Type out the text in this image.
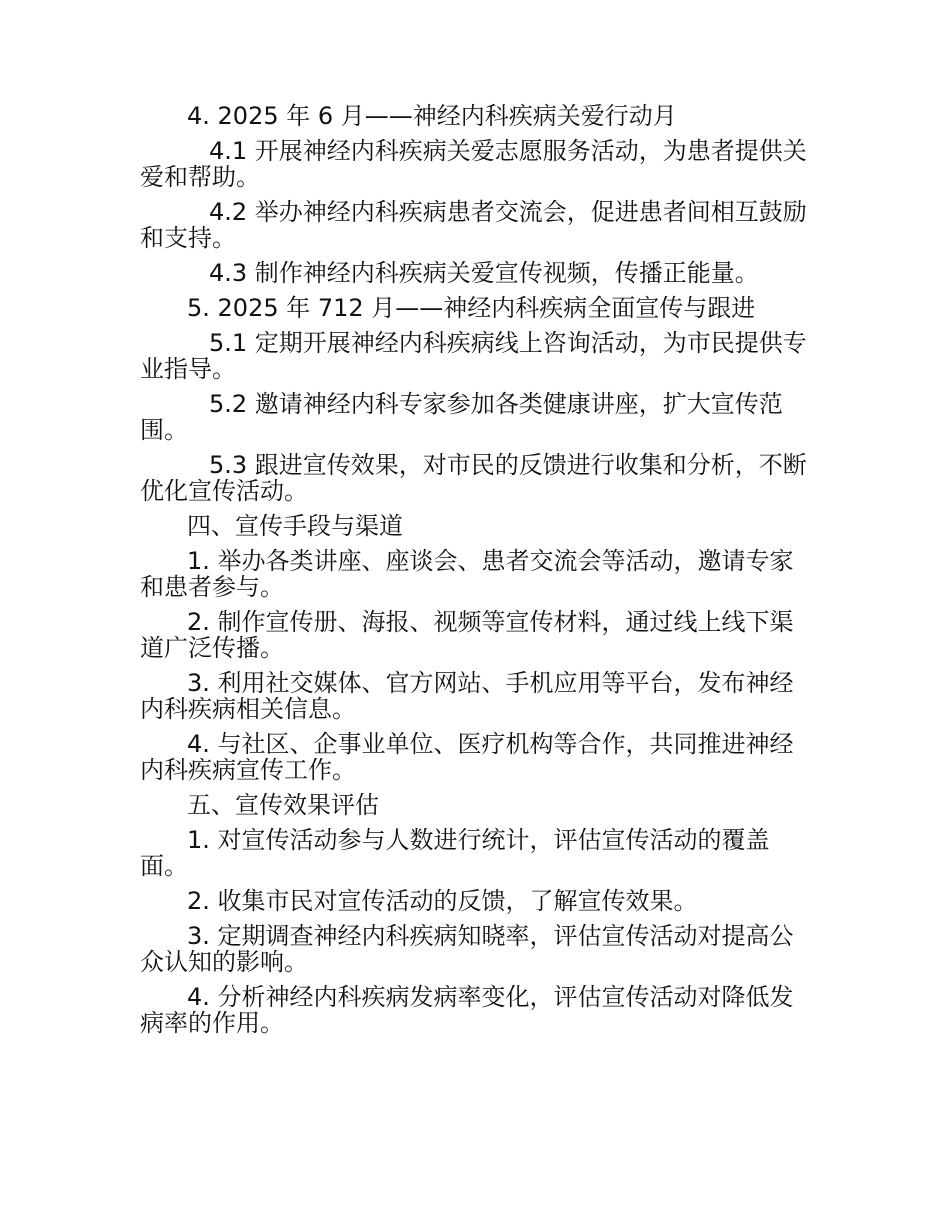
4. 2025 年 6 月——神经内科疾病关爱行动月

4.1 开展神经内科疾病关爱志愿服务活动，为患者提供关爱和帮助。

4.2 举办神经内科疾病患者交流会，促进患者间相互鼓励和支持。

4.3 制作神经内科疾病关爱宣传视频，传播正能量。

5. 2025 年 712 月——神经内科疾病全面宣传与跟进

5.1 定期开展神经内科疾病线上咨询活动，为市民提供专业指导。

5.2 邀请神经内科专家参加各类健康讲座，扩大宣传范围。

5.3 跟进宣传效果，对市民的反馈进行收集和分析，不断优化宣传活动。

四、宣传手段与渠道

1. 举办各类讲座、座谈会、患者交流会等活动，邀请专家和患者参与。

2. 制作宣传册、海报、视频等宣传材料，通过线上线下渠道广泛传播。

3. 利用社交媒体、官方网站、手机应用等平台，发布神经内科疾病相关信息。

4. 与社区、企事业单位、医疗机构等合作，共同推进神经内科疾病宣传工作。

五、宣传效果评估

1. 对宣传活动参与人数进行统计，评估宣传活动的覆盖面。

2. 收集市民对宣传活动的反馈，了解宣传效果。

3. 定期调查神经内科疾病知晓率，评估宣传活动对提高公众认知的影响。

4. 分析神经内科疾病发病率变化，评估宣传活动对降低发病率的作用。
